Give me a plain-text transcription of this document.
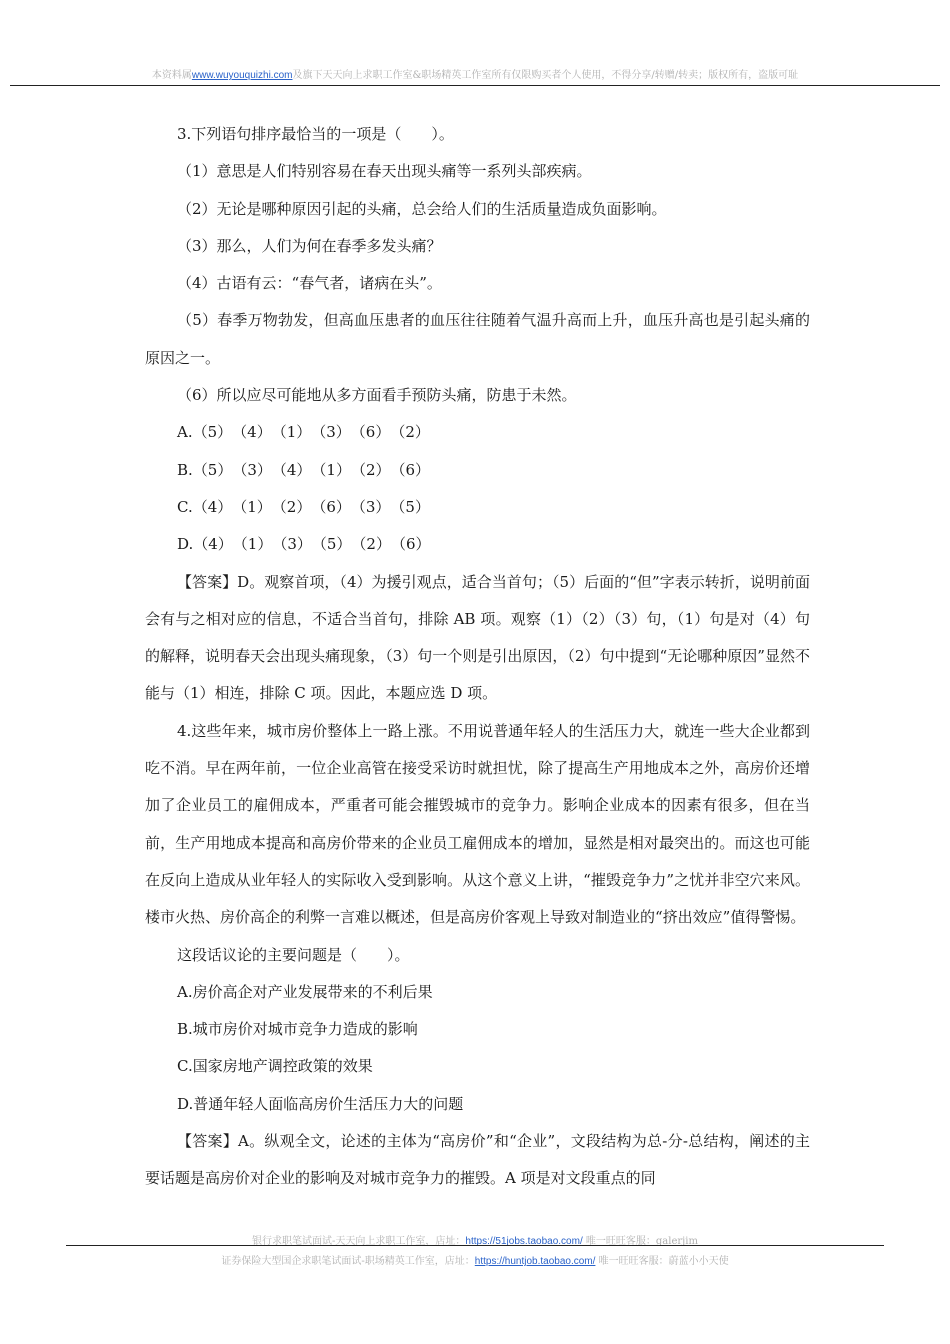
本资料属www.wuyouquizhi.com及旗下天天向上求职工作室&职场精英工作室所有仅限购买者个人使用，不得分享/转赠/转卖；版权所有，盗版可耻

3.下列语句排序最恰当的一项是（　　）。

（1）意思是人们特别容易在春天出现头痛等一系列头部疾病。

（2）无论是哪种原因引起的头痛，总会给人们的生活质量造成负面影响。

（3）那么，人们为何在春季多发头痛？

（4）古语有云：“春气者，诸病在头”。

（5）春季万物勃发，但高血压患者的血压往往随着气温升高而上升，血压升高也是引起头痛的原因之一。

（6）所以应尽可能地从多方面看手预防头痛，防患于未然。

A.（5）　（4）　（1）　（3）　（6）　（2）

B.（5）　（3）　（4）　（1）　（2）　（6）

C.（4）　（1）　（2）　（6）　（3）　（5）

D.（4）　（1）　（3）　（5）　（2）　（6）

【答案】D。观察首项，（4）为援引观点，适合当首句；（5）后面的“但”字表示转折，说明前面会有与之相对应的信息，不适合当首句，排除 AB 项。观察（1）（2）（3）句，（1）句是对（4）句的解释，说明春天会出现头痛现象，（3）句一个则是引出原因，（2）句中提到“无论哪种原因”显然不能与（1）相连，排除 C 项。因此，本题应选 D 项。

4.这些年来，城市房价整体上一路上涨。不用说普通年轻人的生活压力大，就连一些大企业都到吃不消。早在两年前，一位企业高管在接受采访时就担忧，除了提高生产用地成本之外，高房价还增加了企业员工的雇佣成本，严重者可能会摧毁城市的竞争力。影响企业成本的因素有很多，但在当前，生产用地成本提高和高房价带来的企业员工雇佣成本的增加，显然是相对最突出的。而这也可能在反向上造成从业年轻人的实际收入受到影响。从这个意义上讲，“摧毁竞争力”之忧并非空穴来风。楼市火热、房价高企的利弊一言难以概述，但是高房价客观上导致对制造业的“挤出效应”值得警惕。

这段话议论的主要问题是（　　）。

A.房价高企对产业发展带来的不利后果

B.城市房价对城市竞争力造成的影响

C.国家房地产调控政策的效果

D.普通年轻人面临高房价生活压力大的问题

【答案】A。纵观全文，论述的主体为“高房价”和“企业”，文段结构为总-分-总结构，阐述的主要话题是高房价对企业的影响及对城市竞争力的摧毁。A 项是对文段重点的同

银行求职笔试面试-天天向上求职工作室，店址：https://51jobs.taobao.com/ 唯一旺旺客服：galerjim
证券保险大型国企求职笔试面试-职场精英工作室，店址：https://huntjob.taobao.com/ 唯一旺旺客服：蔚蓝小小天使
